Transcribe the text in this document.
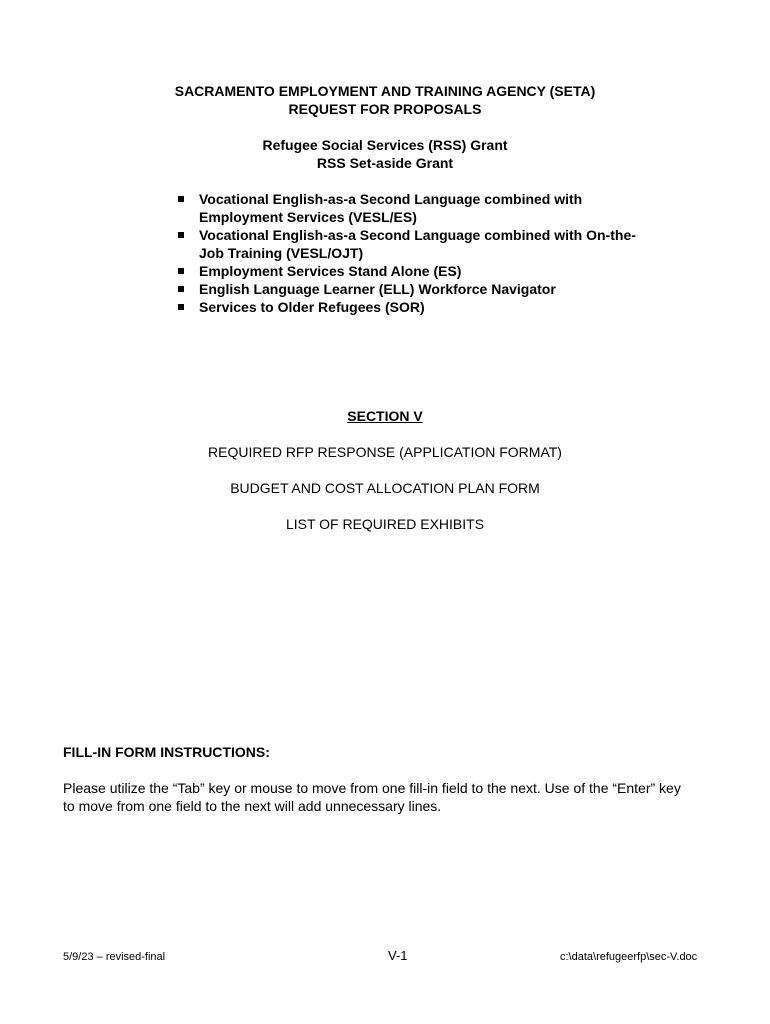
SACRAMENTO EMPLOYMENT AND TRAINING AGENCY (SETA)
REQUEST FOR PROPOSALS
Refugee Social Services (RSS) Grant
RSS Set-aside Grant
Vocational English-as-a Second Language combined with Employment Services (VESL/ES)
Vocational English-as-a Second Language combined with On-the-Job Training (VESL/OJT)
Employment Services Stand Alone (ES)
English Language Learner (ELL) Workforce Navigator
Services to Older Refugees (SOR)
SECTION V
REQUIRED RFP RESPONSE (APPLICATION FORMAT)
BUDGET AND COST ALLOCATION PLAN FORM
LIST OF REQUIRED EXHIBITS
FILL-IN FORM INSTRUCTIONS:
Please utilize the “Tab” key or mouse to move from one fill-in field to the next. Use of the “Enter” key to move from one field to the next will add unnecessary lines.
5/9/23 – revised-final	V-1	c:\data\refugeerfp\sec-V.doc
